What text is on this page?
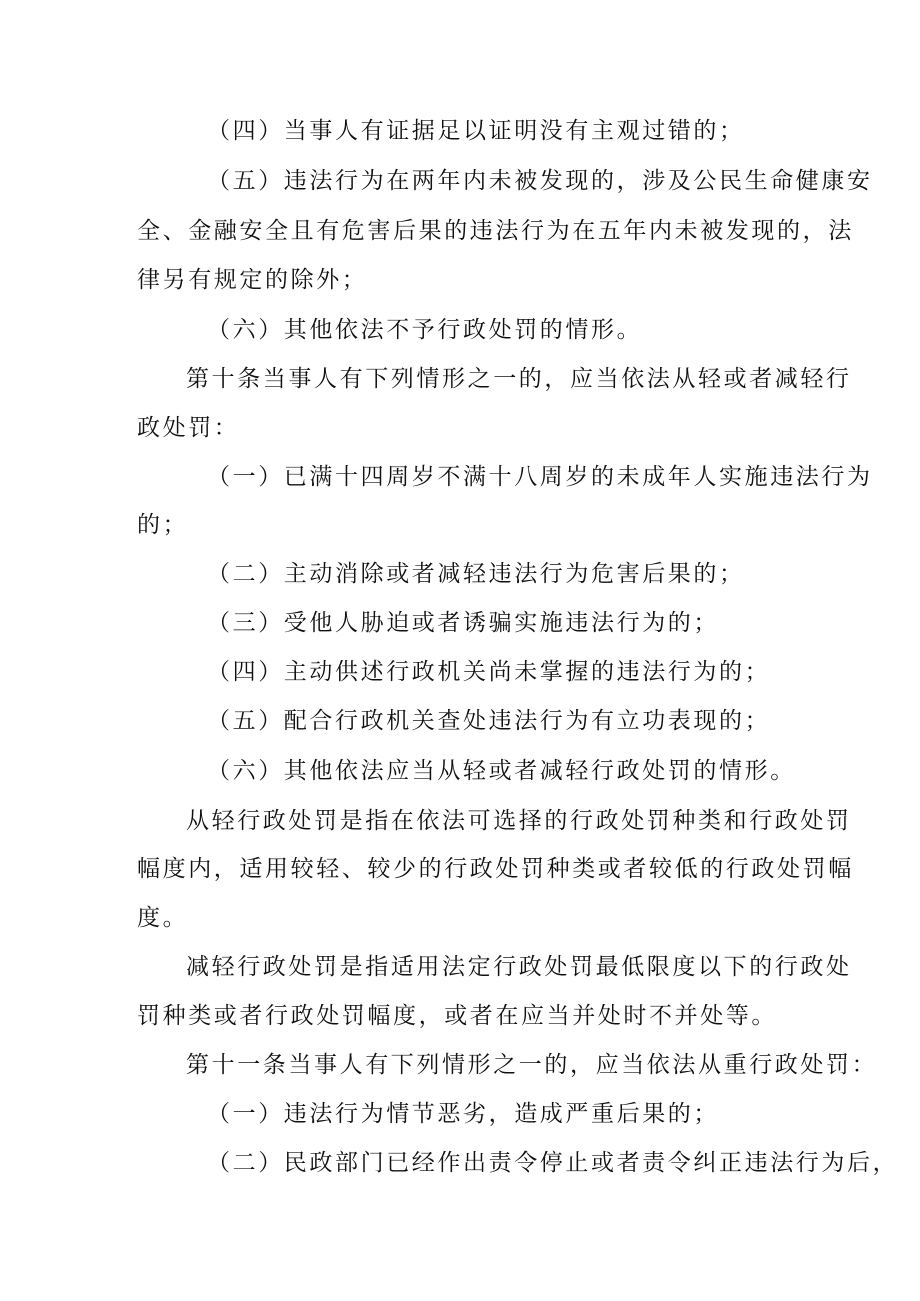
（四）当事人有证据足以证明没有主观过错的；

（五）违法行为在两年内未被发现的，涉及公民生命健康安

全、金融安全且有危害后果的违法行为在五年内未被发现的，法

律另有规定的除外；

（六）其他依法不予行政处罚的情形。

第十条当事人有下列情形之一的，应当依法从轻或者减轻行

政处罚：

（一）已满十四周岁不满十八周岁的未成年人实施违法行为

的；

（二）主动消除或者减轻违法行为危害后果的；

（三）受他人胁迫或者诱骗实施违法行为的；

（四）主动供述行政机关尚未掌握的违法行为的；

（五）配合行政机关查处违法行为有立功表现的；

（六）其他依法应当从轻或者减轻行政处罚的情形。

从轻行政处罚是指在依法可选择的行政处罚种类和行政处罚

幅度内，适用较轻、较少的行政处罚种类或者较低的行政处罚幅

度。

减轻行政处罚是指适用法定行政处罚最低限度以下的行政处

罚种类或者行政处罚幅度，或者在应当并处时不并处等。

第十一条当事人有下列情形之一的，应当依法从重行政处罚：

（一）违法行为情节恶劣，造成严重后果的；

（二）民政部门已经作出责令停止或者责令纠正违法行为后，
